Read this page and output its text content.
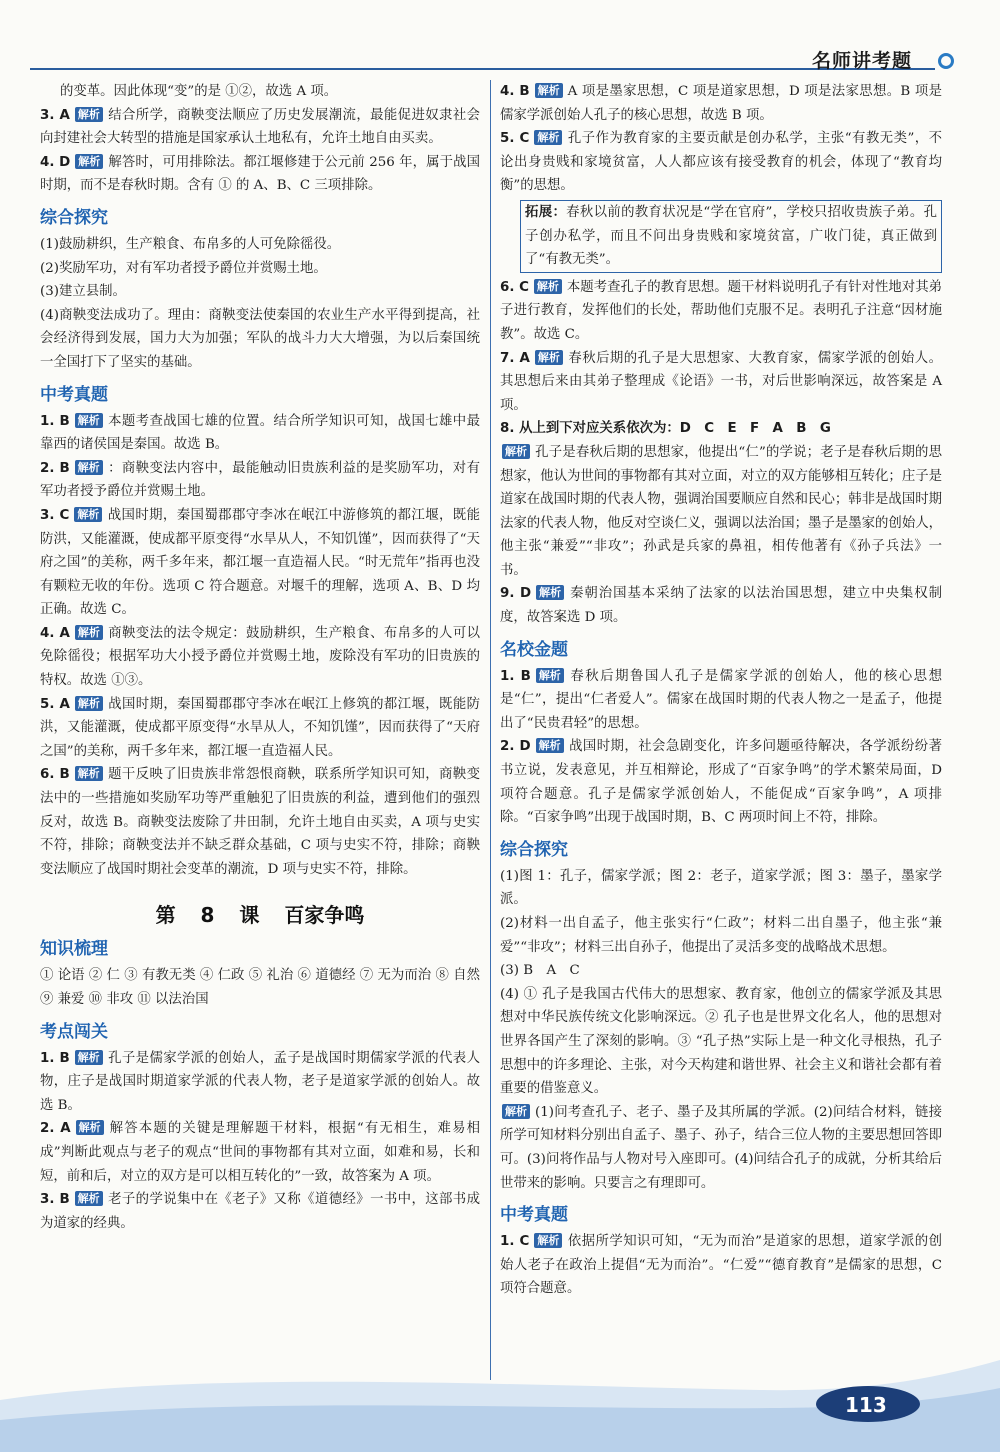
名师讲考题

的变革。因此体现“变”的是 ①②，故选 A 项。

3. A 解析 结合所学，商鞅变法顺应了历史发展潮流，最能促进奴隶社会向封建社会大转型的措施是国家承认土地私有，允许土地自由买卖。

4. D 解析 解答时，可用排除法。都江堰修建于公元前 256 年，属于战国时期，而不是春秋时期。含有 ① 的 A、B、C 三项排除。

综合探究

(1)鼓励耕织，生产粮食、布帛多的人可免除徭役。

(2)奖励军功，对有军功者授予爵位并赏赐土地。

(3)建立县制。

(4)商鞅变法成功了。理由：商鞅变法使秦国的农业生产水平得到提高，社会经济得到发展，国力大为加强；军队的战斗力大大增强，为以后秦国统一全国打下了坚实的基础。

中考真题

1. B 解析 本题考查战国七雄的位置。结合所学知识可知，战国七雄中最靠西的诸侯国是秦国。故选 B。

2. B 解析 ：商鞅变法内容中，最能触动旧贵族利益的是奖励军功，对有军功者授予爵位并赏赐土地。

3. C 解析 战国时期，秦国蜀郡郡守李冰在岷江中游修筑的都江堰，既能防洪，又能灌溉，使成都平原变得“水旱从人，不知饥馑”，因而获得了“天府之国”的美称，两千多年来，都江堰一直造福人民。“时无荒年”指再也没有颗粒无收的年份。选项 C 符合题意。对堰千的理解，选项 A、B、D 均正确。故选 C。

4. A 解析 商鞅变法的法令规定：鼓励耕织，生产粮食、布帛多的人可以免除徭役；根据军功大小授予爵位并赏赐土地，废除没有军功的旧贵族的特权。故选 ①③。

5. A 解析 战国时期，秦国蜀郡郡守李冰在岷江上修筑的都江堰，既能防洪，又能灌溉，使成都平原变得“水旱从人，不知饥馑”，因而获得了“天府之国”的美称，两千多年来，都江堰一直造福人民。

6. B 解析 题干反映了旧贵族非常怨恨商鞅，联系所学知识可知，商鞅变法中的一些措施如奖励军功等严重触犯了旧贵族的利益，遭到他们的强烈反对，故选 B。商鞅变法废除了井田制，允许土地自由买卖，A 项与史实不符，排除；商鞅变法并不缺乏群众基础，C 项与史实不符，排除；商鞅变法顺应了战国时期社会变革的潮流，D 项与史实不符，排除。

第 8 课 百家争鸣
知识梳理

① 论语 ② 仁 ③ 有教无类 ④ 仁政 ⑤ 礼治 ⑥ 道德经 ⑦ 无为而治 ⑧ 自然 ⑨ 兼爱 ⑩ 非攻 ⑪ 以法治国

考点闯关

1. B 解析 孔子是儒家学派的创始人，孟子是战国时期儒家学派的代表人物，庄子是战国时期道家学派的代表人物，老子是道家学派的创始人。故选 B。

2. A 解析 解答本题的关键是理解题干材料，根据“有无相生，难易相成”判断此观点与老子的观点“世间的事物都有其对立面，如难和易，长和短，前和后，对立的双方是可以相互转化的”一致，故答案为 A 项。

3. B 解析 老子的学说集中在《老子》又称《道德经》一书中，这部书成为道家的经典。

4. B 解析 A 项是墨家思想，C 项是道家思想，D 项是法家思想。B 项是儒家学派创始人孔子的核心思想，故选 B 项。

5. C 解析 孔子作为教育家的主要贡献是创办私学，主张“有教无类”，不论出身贵贱和家境贫富，人人都应该有接受教育的机会，体现了“教育均衡”的思想。

拓展：春秋以前的教育状况是“学在官府”，学校只招收贵族子弟。孔子创办私学，而且不问出身贵贱和家境贫富，广收门徒，真正做到了“有教无类”。

6. C 解析 本题考查孔子的教育思想。题干材料说明孔子有针对性地对其弟子进行教育，发挥他们的长处，帮助他们克服不足。表明孔子注意“因材施教”。故选 C。

7. A 解析 春秋后期的孔子是大思想家、大教育家，儒家学派的创始人。其思想后来由其弟子整理成《论语》一书，对后世影响深远，故答案是 A 项。

8. 从上到下对应关系依次为：D　C　E　F　A　B　G

解析 孔子是春秋后期的思想家，他提出“仁”的学说；老子是春秋后期的思想家，他认为世间的事物都有其对立面，对立的双方能够相互转化；庄子是道家在战国时期的代表人物，强调治国要顺应自然和民心；韩非是战国时期法家的代表人物，他反对空谈仁义，强调以法治国；墨子是墨家的创始人，他主张“兼爱”“非攻”；孙武是兵家的鼻祖，相传他著有《孙子兵法》一书。

9. D 解析 秦朝治国基本采纳了法家的以法治国思想，建立中央集权制度，故答案选 D 项。

名校金题

1. B 解析 春秋后期鲁国人孔子是儒家学派的创始人，他的核心思想是“仁”，提出“仁者爱人”。儒家在战国时期的代表人物之一是孟子，他提出了“民贵君轻”的思想。

2. D 解析 战国时期，社会急剧变化，许多问题亟待解决，各学派纷纷著书立说，发表意见，并互相辩论，形成了“百家争鸣”的学术繁荣局面，D 项符合题意。孔子是儒家学派创始人，不能促成“百家争鸣”，A 项排除。“百家争鸣”出现于战国时期，B、C 两项时间上不符，排除。

综合探究

(1)图 1：孔子，儒家学派；图 2：老子，道家学派；图 3：墨子，墨家学派。

(2)材料一出自孟子，他主张实行“仁政”；材料二出自墨子，他主张“兼爱”“非攻”；材料三出自孙子，他提出了灵活多变的战略战术思想。

(3) B　A　C

(4) ① 孔子是我国古代伟大的思想家、教育家，他创立的儒家学派及其思想对中华民族传统文化影响深远。② 孔子也是世界文化名人，他的思想对世界各国产生了深刻的影响。③ “孔子热”实际上是一种文化寻根热，孔子思想中的许多理论、主张，对今天构建和谐世界、社会主义和谐社会都有着重要的借鉴意义。

解析 (1)问考查孔子、老子、墨子及其所属的学派。(2)问结合材料，链接所学可知材料分别出自孟子、墨子、孙子，结合三位人物的主要思想回答即可。(3)问将作品与人物对号入座即可。(4)问结合孔子的成就，分析其给后世带来的影响。只要言之有理即可。

中考真题

1. C 解析 依据所学知识可知，“无为而治”是道家的思想，道家学派的创始人老子在政治上提倡“无为而治”。“仁爱”“德育教育”是儒家的思想，C 项符合题意。

113
